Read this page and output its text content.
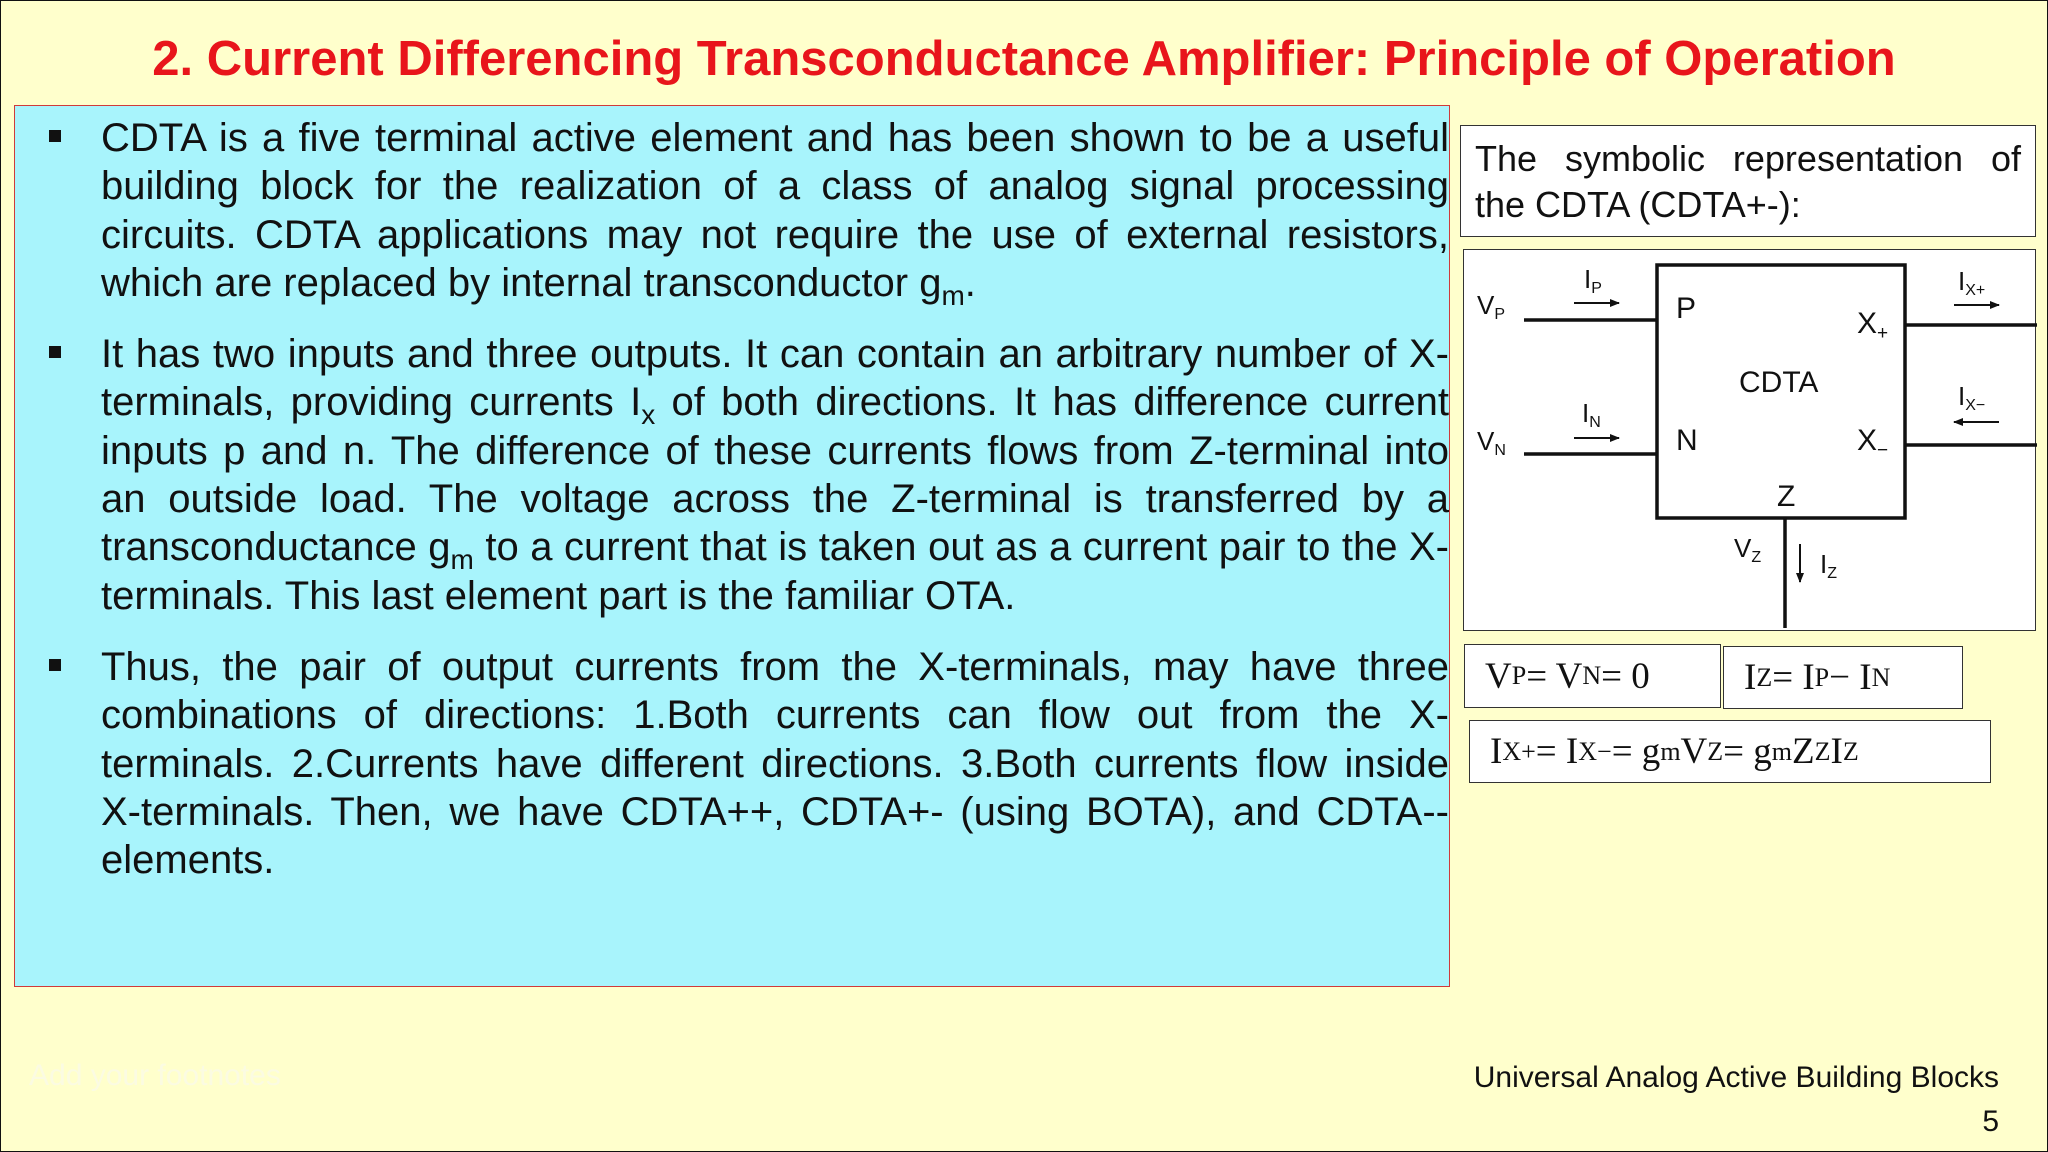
2. Current Differencing Transconductance Amplifier: Principle of Operation
CDTA is a five terminal active element and has been shown to be a useful building block for the realization of a class of analog signal processing circuits. CDTA applications may not require the use of external resistors, which are replaced by internal transconductor $g_m$.
It has two inputs and three outputs. It can contain an arbitrary number of X-terminals, providing currents $I_x$ of both directions. It has difference current inputs p and n. The difference of these currents flows from Z-terminal into an outside load. The voltage across the Z-terminal is transferred by a transconductance $g_m$ to a current that is taken out as a current pair to the X-terminals. This last element part is the familiar OTA.
Thus, the pair of output currents from the X-terminals, may have three combinations of directions: 1.Both currents can flow out from the X-terminals. 2.Currents have different directions. 3.Both currents flow inside X-terminals. Then, we have CDTA++, CDTA+- (using BOTA), and CDTA-- elements.
The symbolic representation of the CDTA (CDTA+-):
P
N
CDTA
$X_+$
$X_-$
Z
VP
VN
VZ
IP
IN
IX+
IX−
IZ
V P = V N = 0	I Z = I P − I N
I X+ = I X− = g m V Z = g m Z Z I Z
Add your footnotes	Universal Analog Active Building Blocks
5
